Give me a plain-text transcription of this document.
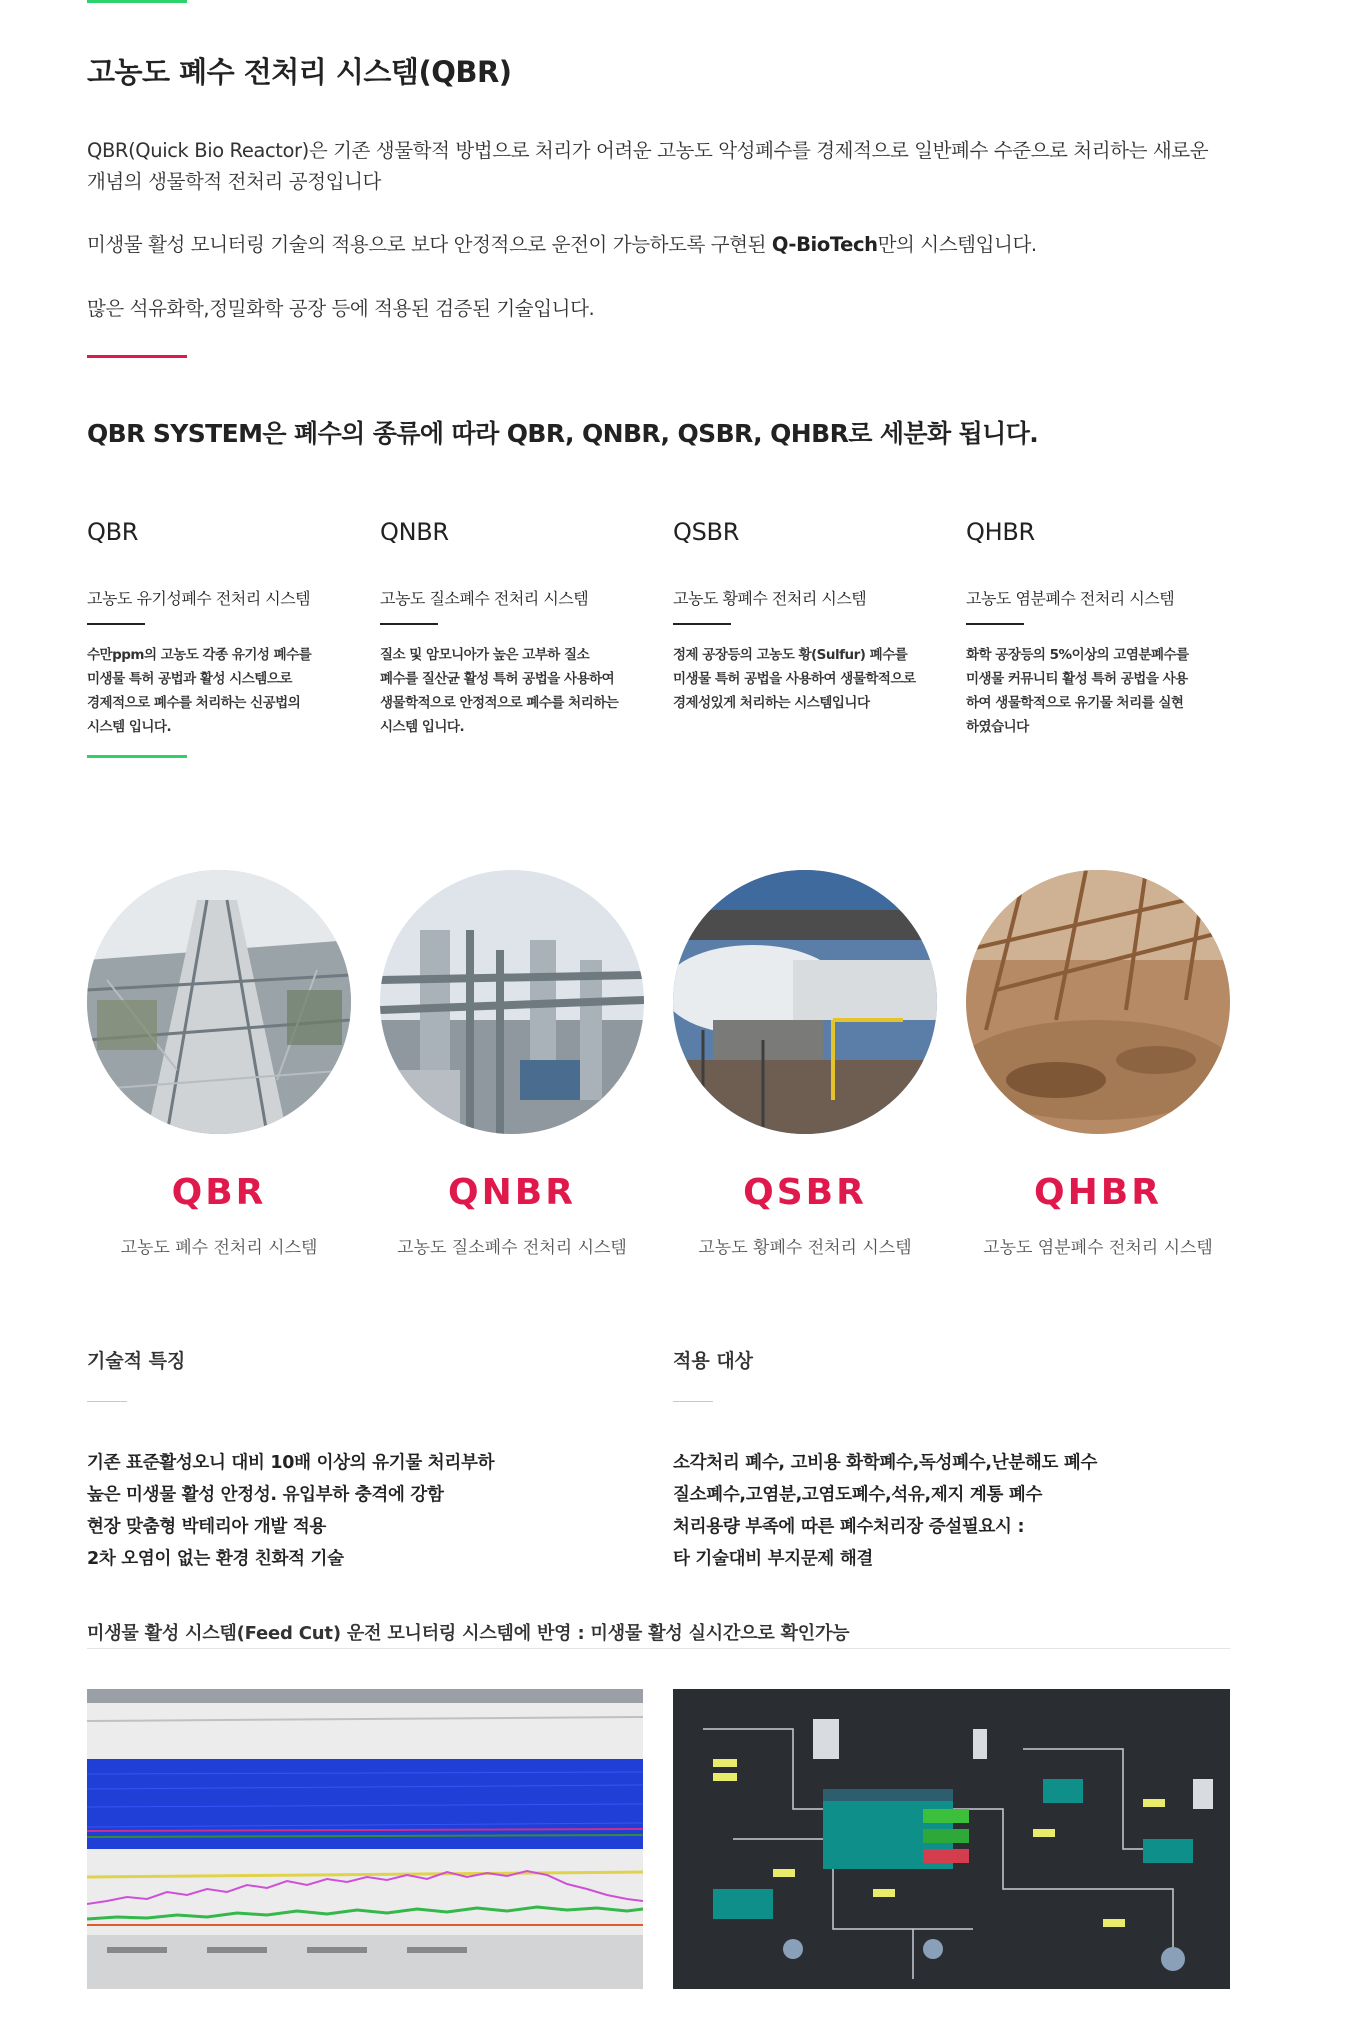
고농도 폐수 전처리 시스템(QBR)
QBR(Quick Bio Reactor)은 기존 생물학적 방법으로 처리가 어려운 고농도 악성폐수를 경제적으로 일반폐수 수준으로 처리하는 새로운 개념의 생물학적 전처리 공정입니다
미생물 활성 모니터링 기술의 적용으로 보다 안정적으로 운전이 가능하도록 구현된 Q-BioTech만의 시스템입니다.
많은 석유화학,정밀화학 공장 등에 적용된 검증된 기술입니다.
QBR SYSTEM은 폐수의 종류에 따라 QBR, QNBR, QSBR, QHBR로 세분화 됩니다.
QBR
고농도 유기성폐수 전처리 시스템
수만ppm의 고농도 각종 유기성 폐수를
미생물 특허 공법과 활성 시스템으로
경제적으로 폐수를 처리하는 신공법의
시스템 입니다.
QNBR
고농도 질소폐수 전처리 시스템
질소 및 암모니아가 높은 고부하 질소
폐수를 질산균 활성 특허 공법을 사용하여
생물학적으로 안정적으로 폐수를 처리하는
시스템 입니다.
QSBR
고농도 황폐수 전처리 시스템
정제 공장등의 고농도 황(Sulfur) 폐수를
미생물 특허 공법을 사용하여 생물학적으로
경제성있게 처리하는 시스템입니다
QHBR
고농도 염분폐수 전처리 시스템
화학 공장등의 5%이상의 고염분폐수를
미생물 커뮤니티 활성 특허 공법을 사용
하여 생물학적으로 유기물 처리를 실현
하였습니다
QBR
고농도 폐수 전처리 시스템
QNBR
고농도 질소폐수 전처리 시스템
QSBR
고농도 황폐수 전처리 시스템
QHBR
고농도 염분폐수 전처리 시스템
기술적 특징
기존 표준활성오니 대비 10배 이상의 유기물 처리부하
높은 미생물 활성 안정성. 유입부하 충격에 강함
현장 맞춤형 박테리아 개발 적용
2차 오염이 없는 환경 친화적 기술
적용 대상
소각처리 폐수, 고비용 화학폐수,독성폐수,난분해도 폐수
질소폐수,고염분,고염도폐수,석유,제지 계통 폐수
처리용량 부족에 따른 폐수처리장 증설필요시 :
타 기술대비 부지문제 해결
미생물 활성 시스템(Feed Cut) 운전 모니터링 시스템에 반영 : 미생물 활성 실시간으로 확인가능
